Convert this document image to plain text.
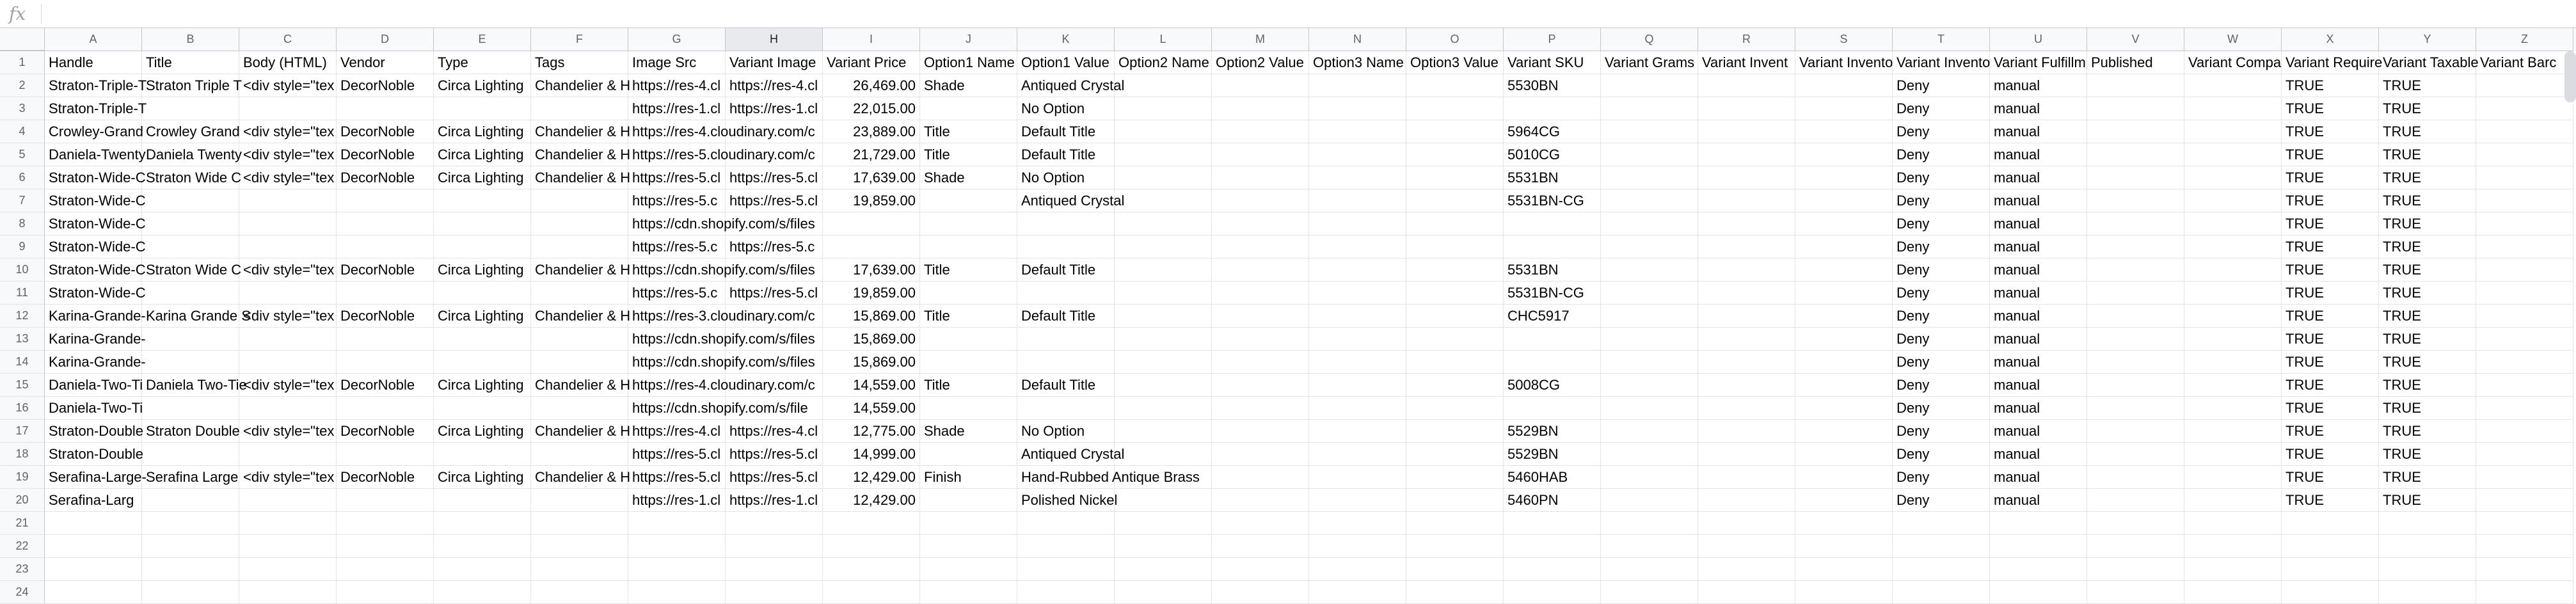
fx
A	B	C	D	E	F	G	H	I	J	K	L	M	N	O	P	Q	R	S	T	U	V	W	X	Y	Z
1	Handle	Title	Body (HTML) Vendor	Type	Tags	Image Src	Variant Image Variant Price	Option1 Name Option1 Value Option2 Name Option2 Value Option3 Name Option3 Value Variant SKU	Variant Grams Variant Invent Variant Invento Variant Invento Variant Fulfillm Published	Variant Compa Variant Require Variant Taxable Variant Barc
2	Straton-Triple-T
Straton Triple T <div style="tex DecorNoble	Circa Lighting Chandelier & H https://res-4.cl https://res-4.cl	26,469.00 Shade	Antiqued Crystal	5530BN	Deny	manual	TRUE	TRUE
3	Straton-Triple-T	https://res-1.cl https://res-1.cl	22,015.00	No Option	Deny	manual	TRUE	TRUE
4	Crowley-Grand Crowley Grand <div style="tex DecorNoble	Circa Lighting Chandelier & H https://res-4.cloudinary.com/c	23,889.00 Title	Default Title	5964CG	Deny	manual	TRUE	TRUE
5	Daniela-Twenty Daniela Twenty <div style="tex DecorNoble	Circa Lighting Chandelier & H https://res-5.cloudinary.com/c	21,729.00 Title	Default Title	5010CG	Deny	manual	TRUE	TRUE
6	Straton-Wide-C Straton Wide C <div style="tex DecorNoble	Circa Lighting Chandelier & H https://res-5.cl https://res-5.cl	17,639.00 Shade	No Option	5531BN	Deny	manual	TRUE	TRUE
7	Straton-Wide-C	https://res-5.c https://res-5.cl	19,859.00	Antiqued Crystal	5531BN-CG	Deny	manual	TRUE	TRUE
8	Straton-Wide-C	https://cdn.shopify.com/s/files	Deny	manual	TRUE	TRUE
9	Straton-Wide-C	https://res-5.c https://res-5.c	Deny	manual	TRUE	TRUE
10	Straton-Wide-C Straton Wide C <div style="tex DecorNoble	Circa Lighting Chandelier & H https://cdn.shopify.com/s/files	17,639.00 Title	Default Title	5531BN	Deny	manual	TRUE	TRUE
11	Straton-Wide-C	https://res-5.c https://res-5.cl	19,859.00	5531BN-CG	Deny	manual	TRUE	TRUE
12	Karina-Grande- Karina Grande S
<div style="tex DecorNoble	Circa Lighting Chandelier & H https://res-3.cloudinary.com/c	15,869.00 Title	Default Title	CHC5917	Deny	manual	TRUE	TRUE
13	Karina-Grande-	https://cdn.shopify.com/s/files	15,869.00	Deny	manual	TRUE	TRUE
14	Karina-Grande-	https://cdn.shopify.com/s/files	15,869.00	Deny	manual	TRUE	TRUE
15	Daniela-Two-Ti Daniela Two-Tie
<div style="tex DecorNoble	Circa Lighting Chandelier & H https://res-4.cloudinary.com/c	14,559.00 Title	Default Title	5008CG	Deny	manual	TRUE	TRUE
16	Daniela-Two-Ti	https://cdn.shopify.com/s/file	14,559.00	Deny	manual	TRUE	TRUE
17	Straton-Double Straton Double <div style="tex DecorNoble	Circa Lighting Chandelier & H https://res-4.cl https://res-4.cl	12,775.00 Shade	No Option	5529BN	Deny	manual	TRUE	TRUE
18	Straton-Double	https://res-5.cl https://res-5.cl	14,999.00	Antiqued Crystal	5529BN	Deny	manual	TRUE	TRUE
19	Serafina-Large- Serafina Large <div style="tex DecorNoble	Circa Lighting Chandelier & H https://res-5.cl https://res-5.cl	12,429.00 Finish	Hand-Rubbed Antique Brass	5460HAB	Deny	manual	TRUE	TRUE
20	Serafina-Larg	https://res-1.cl https://res-1.cl	12,429.00	Polished Nickel	5460PN	Deny	manual	TRUE	TRUE
21
22
23
24
